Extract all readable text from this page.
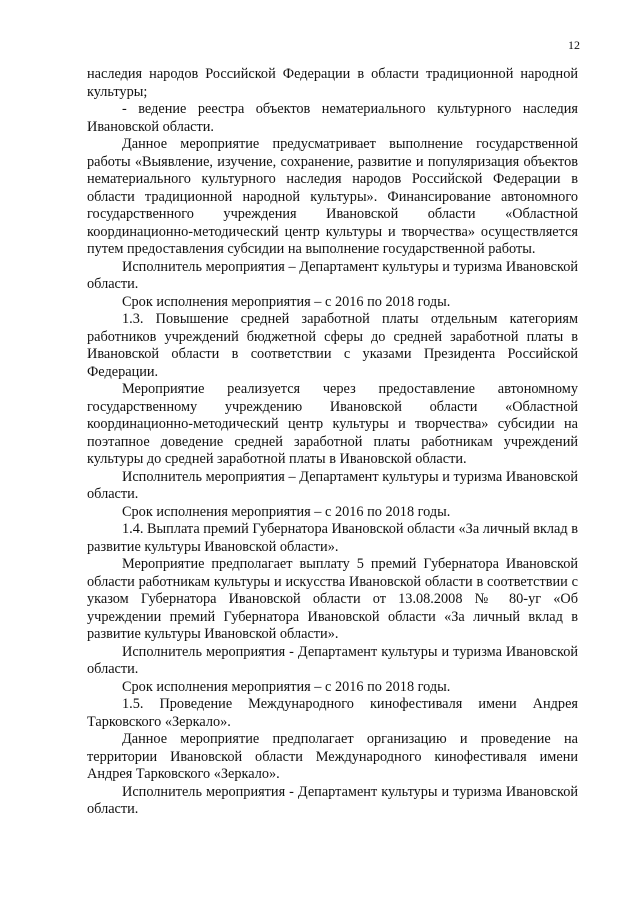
12

наследия народов Российской Федерации в области традиционной народной культуры;

- ведение реестра объектов нематериального культурного наследия Ивановской области.

Данное мероприятие предусматривает выполнение государственной работы «Выявление, изучение, сохранение, развитие и популяризация объектов нематериального культурного наследия народов Российской Федерации в области традиционной народной культуры». Финансирование автономного государственного учреждения Ивановской области «Областной координационно-методический центр культуры и творчества» осуществляется путем предоставления субсидии на выполнение государственной работы.

Исполнитель мероприятия – Департамент культуры и туризма Ивановской области.

Срок исполнения мероприятия – с 2016 по 2018 годы.

1.3. Повышение средней заработной платы отдельным категориям работников учреждений бюджетной сферы до средней заработной платы в Ивановской области в соответствии с указами Президента Российской Федерации.

Мероприятие реализуется через предоставление автономному государственному учреждению Ивановской области «Областной координационно-методический центр культуры и творчества» субсидии на поэтапное доведение средней заработной платы работникам учреждений культуры до средней заработной платы в Ивановской области.

Исполнитель мероприятия – Департамент культуры и туризма Ивановской области.

Срок исполнения мероприятия – с 2016 по 2018 годы.

1.4. Выплата премий Губернатора Ивановской области «За личный вклад в развитие культуры Ивановской области».

Мероприятие предполагает выплату 5 премий Губернатора Ивановской области работникам культуры и искусства Ивановской области в соответствии с указом Губернатора Ивановской области от 13.08.2008 № 80-уг «Об учреждении премий Губернатора Ивановской области «За личный вклад в развитие культуры Ивановской области».

Исполнитель мероприятия - Департамент культуры и туризма Ивановской области.

Срок исполнения мероприятия – с 2016 по 2018 годы.

1.5. Проведение Международного кинофестиваля имени Андрея Тарковского «Зеркало».

Данное мероприятие предполагает организацию и проведение на территории Ивановской области Международного кинофестиваля имени Андрея Тарковского «Зеркало».

Исполнитель мероприятия - Департамент культуры и туризма Ивановской области.
